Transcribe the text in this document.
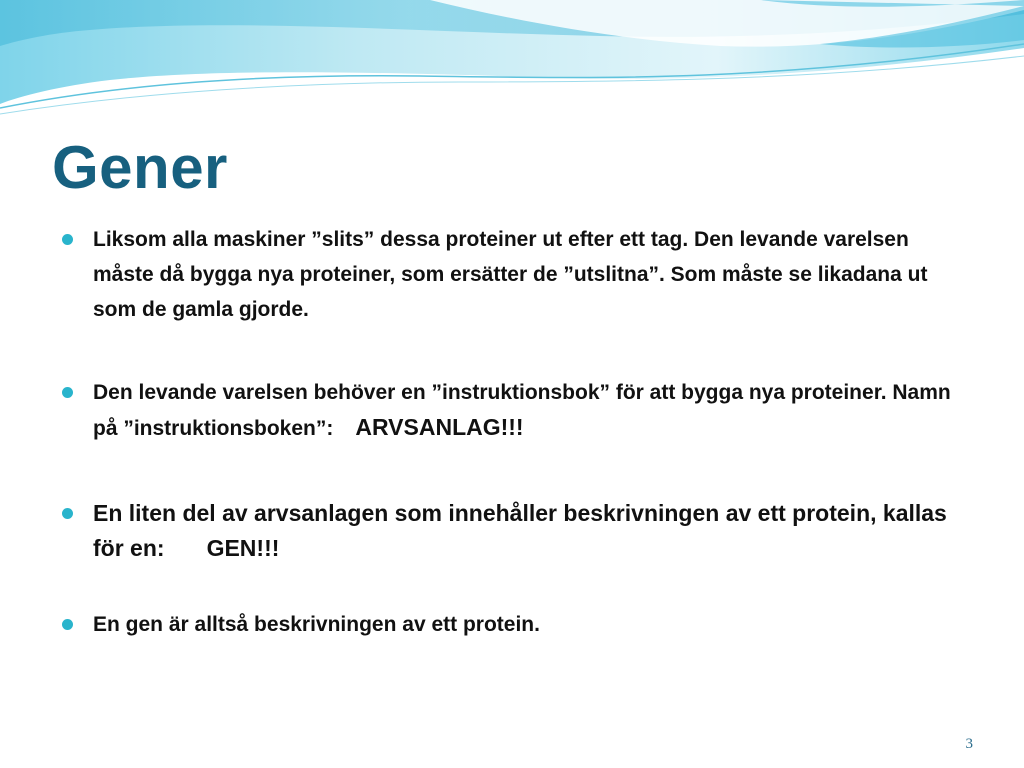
Gener
Liksom alla maskiner ”slits” dessa proteiner ut efter ett tag. Den levande varelsen måste då bygga nya proteiner, som ersätter de ”utslitna”. Som måste se likadana ut som de gamla gjorde.
Den levande varelsen behöver en ”instruktionsbok” för att bygga nya proteiner. Namn på ”instruktionsboken”: ARVSANLAG!!!
En liten del av arvsanlagen som innehåller beskrivningen av ett protein, kallas för en: GEN!!!
En gen är alltså beskrivningen av ett protein.
3
